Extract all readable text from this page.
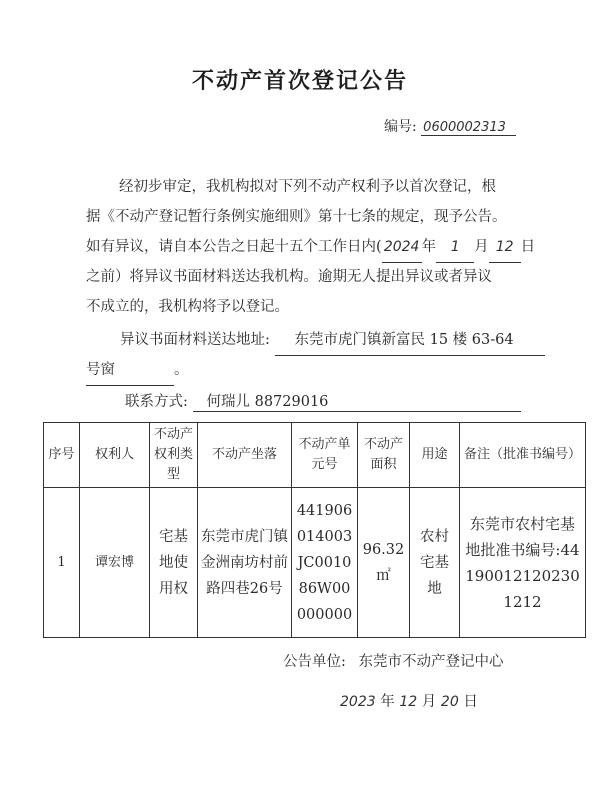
不动产首次登记公告
编号: 0600002313

经初步审定，我机构拟对下列不动产权利予以首次登记，根

据《不动产登记暂行条例实施细则》第十七条的规定，现予公告。

如有异议，请自本公告之日起十五个工作日内( 2024 年 1 月 12 日

之前）将异议书面材料送达我机构。逾期无人提出异议或者异议

不成立的，我机构将予以登记。

异议书面材料送达地址: 东莞市虎门镇新富民 15 楼 63-64
号窗	。
联系方式: 何瑞儿 88729016
序号	权利人	不动产权利类型	不动产坐落	不动产单元号	不动产面积	用途	备注（批准书编号）
1	谭宏博	宅基地使用权	东莞市虎门镇金洲南坊村前路四巷26号	441906014003JC001086W00000000	96.32㎡	农村宅基地	东莞市农村宅基地批准书编号:441900121202301212
公告单位: 东莞市不动产登记中心
2023 年 12 月 20 日
